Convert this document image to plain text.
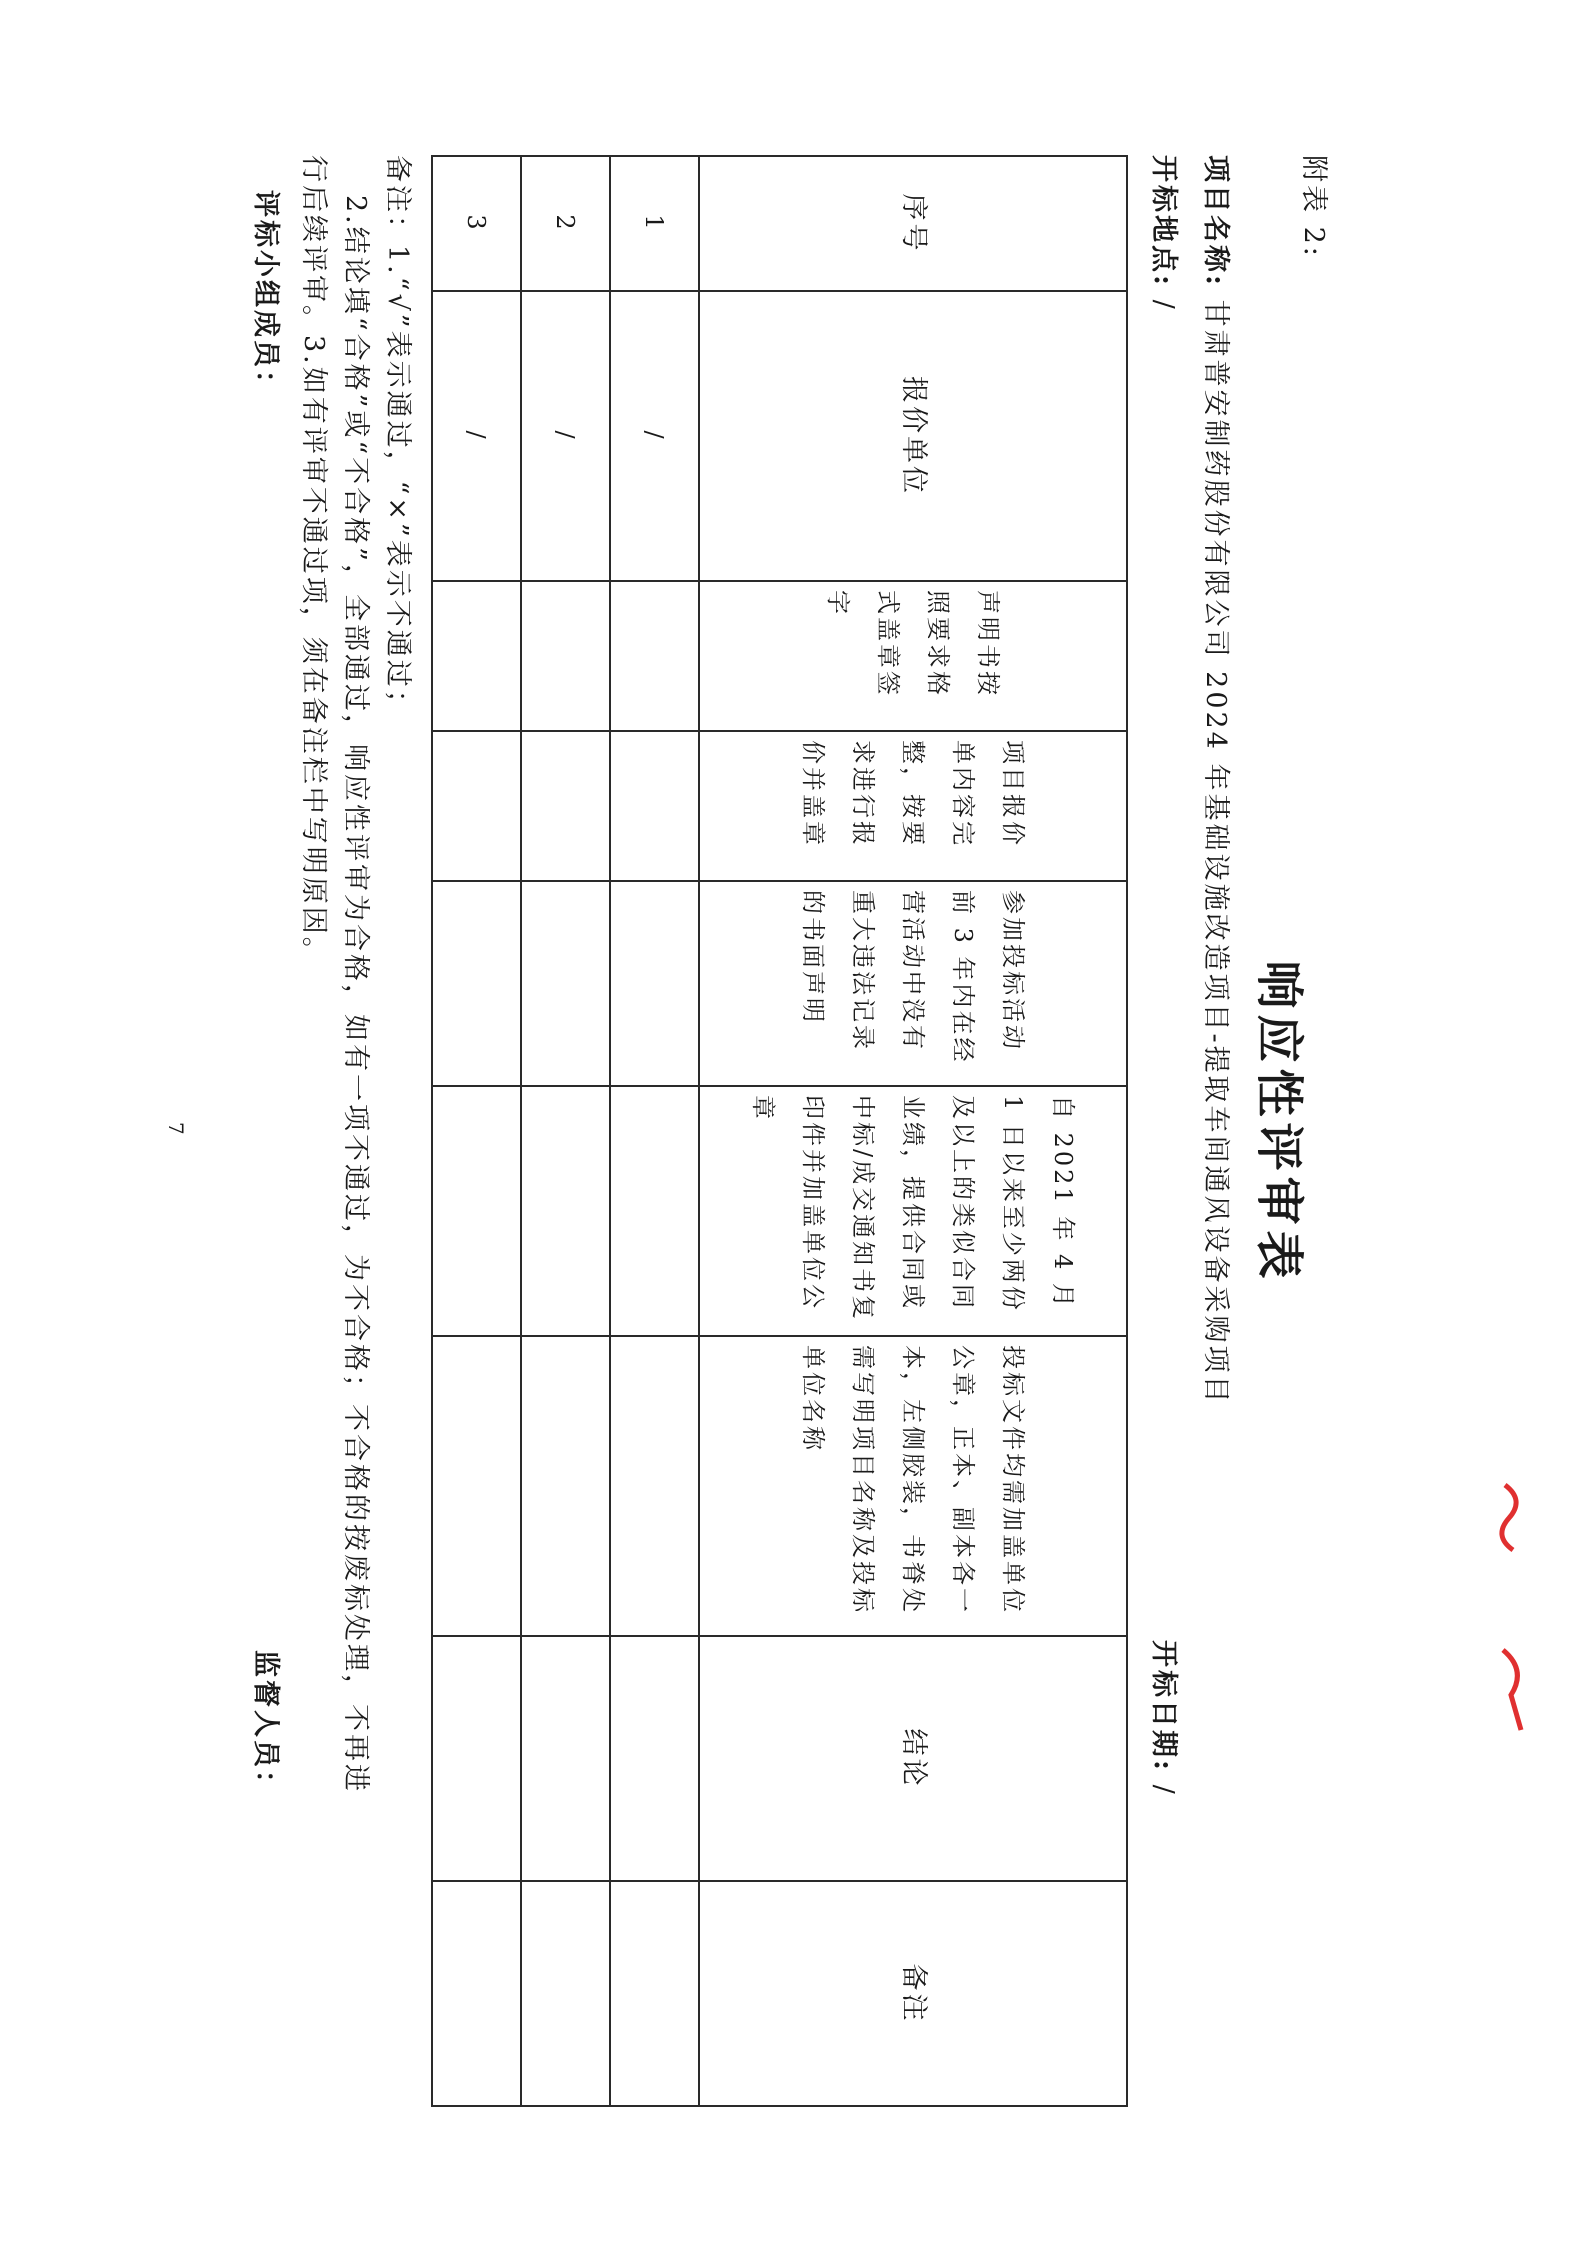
附表 2:
响应性评审表
项目名称: 甘肃普安制药股份有限公司 2024 年基础设施改造项目-提取车间通风设备采购项目
开标地点: /
开标日期: /
序号	报价单位	声明书按照要求格式盖章签字	项目报价单内容完整，按要求进行报价并盖章	参加投标活动前 3 年内在经营活动中没有重大违法记录的书面声明	自 2021 年 4 月 1 日以来至少两份及以上的类似合同业绩，提供合同或中标/成交通知书复印件并加盖单位公章	投标文件均需加盖单位公章，正本、副本各一本，左侧胶装，书脊处需写明项目名称及投标单位名称	结论	备注
1	/							
2	/							
3	/							
备注：1.“√”表示通过，“×”表示不通过；
2.结论填“合格”或“不合格”，全部通过，响应性评审为合格，如有一项不通过，为不合格；不合格的按废标处理，不再进
行后续评审。3.如有评审不通过项，须在备注栏中写明原因。
评标小组成员：
监督人员：
7
